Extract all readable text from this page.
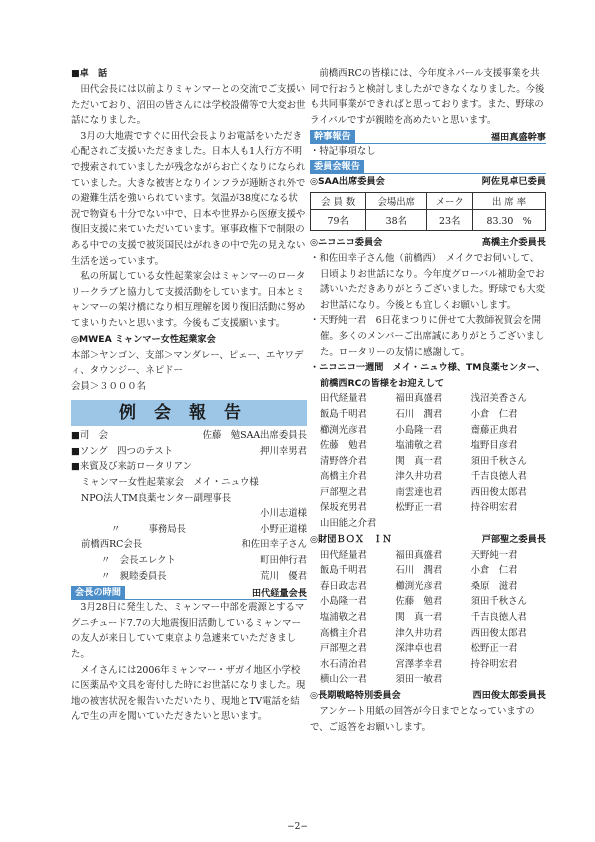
■卓　話

田代会長には以前よりミャンマーとの交流でご支援いただいており、沼田の皆さんには学校設備等で大変お世話になりました。

3月の大地震ですぐに田代会長よりお電話をいただき心配されご支援いただきました。日本人も1人行方不明で捜索されていましたが残念ながらお亡くなりになられていました。大きな被害となりインフラが逓断され外での避難生活を強いられています。気温が38度になる状況で物資も十分でない中で、日本や世界から医療支援や復旧支援に来ていただいています。軍事政権下で制限のある中での支援で被災国民はがれきの中で先の見えない生活を送っています。

私の所属している女性起業家会はミャンマーのロータリークラブと協力して支援活動をしています。日本とミャンマーの架け橋になり相互理解を図り復旧活動に努めてまいりたいと思います。今後もご支援願います。

◎MWEA ミャンマー女性起業家会

本部＞ヤンゴン、支部＞マンダレー、ピェー、エヤワディ、タウンジー、ネピドー

会員＞３０００名

例会報告
■司　会	佐藤　勉SAA出席委員長
■ソング　四つのテスト	押川幸男君
■来賓及び来訪ロータリアン
ミャンマー女性起業家会　メイ・ニュウ様
NPO法人TM良薬センター副理事長
小川志道様
〃　　　事務局長	小野正道様
前橋西RC会長	和佐田幸子さん
〃　会長エレクト	町田伸行君
〃　親睦委員長	荒川　優君
会長の時間	田代経量会長

3月28日に発生した、ミャンマー中部を震源とするマグニチュード7.7の大地震復旧活動しているミャンマーの友人が来日していて東京より急遽来ていただきました。

メイさんには2006年ミャンマー・ザガイ地区小学校に医薬品や文具を寄付した時にお世話になりました。現地の被害状況を報告いただいたり、現地とTV電話を結んで生の声を聞いていただきたいと思います。

前橋西RCの皆様には、今年度ネパール支援事業を共同で行おうと検討しましたができなくなりました。今後も共同事業ができればと思っております。また、野球のライバルですが親睦を高めたいと思います。

幹事報告	福田真盛幹事
・特記事項なし
委員会報告
◎SAA出席委員会	阿佐見卓巳委員
会 員 数	会場出席	メーク	出 席 率
79名	38名	23名	83.30　%
◎ニコニコ委員会	高橋主介委員長
・和佐田幸子さん他（前橋西）　メイクでお伺いして、日頃よりお世話になり。今年度グローバル補助金でお誘いいただきありがとうございました。野球でも大変お世話になり。今後とも宜しくお願いします。
・天野純一君　6日花まつりに併せて大教師祝賀会を開催。多くのメンバーご出席誠にありがとうございました。ロータリーの友情に感謝して。
・ニコニコ一週間　メイ・ニュウ様、TM良薬センター、前橋西RCの皆様をお迎えして
田代経量君	福田真盛君	浅沼美香さん
飯島千明君	石川　潤君	小倉　仁君
櫛渕光彦君	小島隆一君	齋藤正典君
佐藤　勉君	塩浦敬之君	塩野目彦君
清野啓介君	関　真一君	須田千秋さん
高橋主介君	津久井功君	千吉良徳人君
戸部聖之君	南雲達也君	西田俊太郎君
保坂充男君	松野正一君	持谷明宏君
山田能之介君
◎財団ＢＯＸ　ＩＮ	戸部聖之委員長
田代経量君	福田真盛君	天野純一君
飯島千明君	石川　潤君	小倉　仁君
春日政志君	櫛渕光彦君	桑原　滋君
小島隆一君	佐藤　勉君	須田千秋さん
塩浦敬之君	関　真一君	千吉良徳人君
高橋主介君	津久井功君	西田俊太郎君
戸部聖之君	深津卓也君	松野正一君
水石清治君	宮澤孝幸君	持谷明宏君
横山公一君	須田一敏君
◎長期戦略特別委員会	西田俊太郎委員長

アンケート用紙の回答が今日までとなっていますので、ご返答をお願いします。

−2−
